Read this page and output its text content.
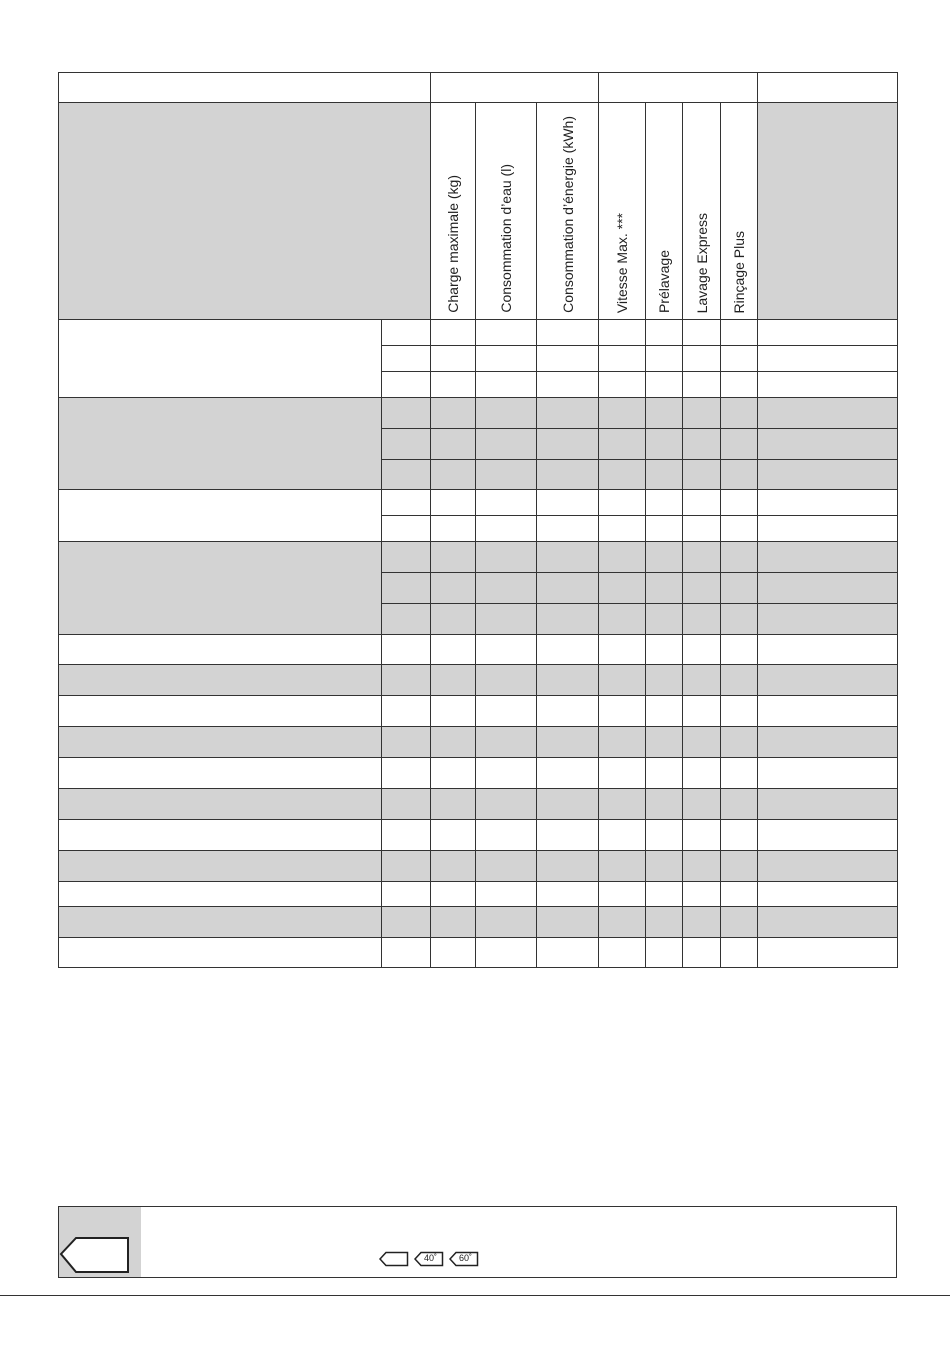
		Charge maximale (kg)	Consommation d’eau (l)	Consommation d’énergie (kWh)	Vitesse Max. ***	Prélavage	Lavage Express	Rinçage Plus	

40˚ 60˚
